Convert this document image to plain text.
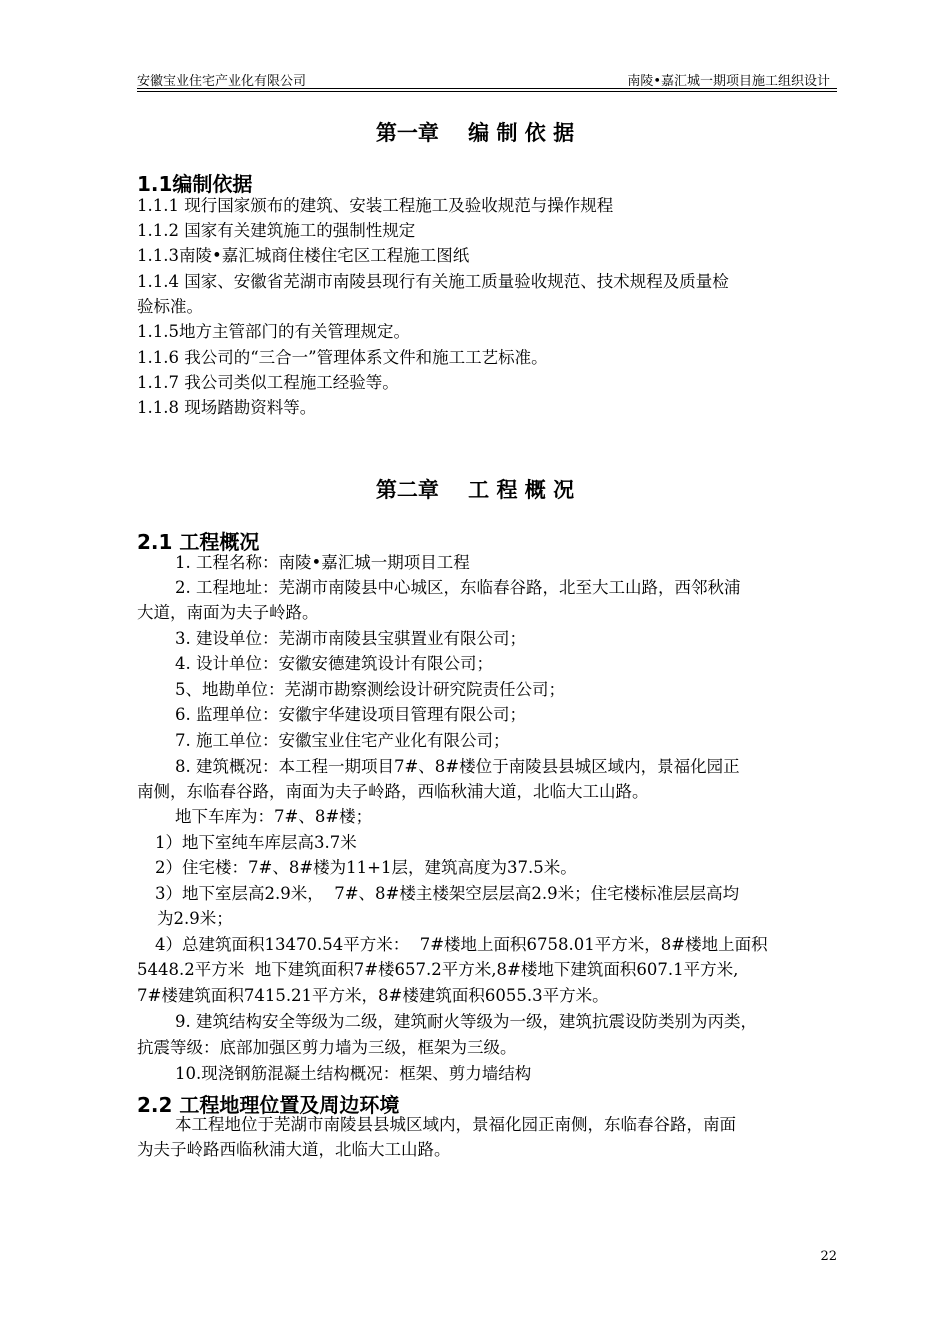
安徽宝业住宅产业化有限公司	南陵•嘉汇城一期项目施工组织设计
第一章    编 制 依 据
1.1编制依据
1.1.1 现行国家颁布的建筑、安装工程施工及验收规范与操作规程
1.1.2 国家有关建筑施工的强制性规定
1.1.3南陵•嘉汇城商住楼住宅区工程施工图纸
1.1.4 国家、安徽省芜湖市南陵县现行有关施工质量验收规范、技术规程及质量检
验标准。
1.1.5地方主管部门的有关管理规定。
1.1.6 我公司的“三合一”管理体系文件和施工工艺标准。
1.1.7 我公司类似工程施工经验等。
1.1.8 现场踏勘资料等。
第二章    工 程 概 况
2.1 工程概况
1. 工程名称：南陵•嘉汇城一期项目工程
2. 工程地址：芜湖市南陵县中心城区，东临春谷路，北至大工山路，西邻秋浦
大道，南面为夫子岭路。
3. 建设单位：芜湖市南陵县宝骐置业有限公司；
4. 设计单位：安徽安德建筑设计有限公司；
5、地勘单位：芜湖市勘察测绘设计研究院责任公司；
6. 监理单位：安徽宇华建设项目管理有限公司；
7. 施工单位：安徽宝业住宅产业化有限公司；
8. 建筑概况：本工程一期项目7#、8#楼位于南陵县县城区域内，景福化园正
南侧，东临春谷路，南面为夫子岭路，西临秋浦大道，北临大工山路。
地下车库为：7#、8#楼；
1）地下室纯车库层高3.7米
2）住宅楼：7#、8#楼为11+1层，建筑高度为37.5米。
3）地下室层高2.9米，  7#、8#楼主楼架空层层高2.9米；住宅楼标准层层高均
为2.9米；
4）总建筑面积13470.54平方米：  7#楼地上面积6758.01平方米，8#楼地上面积
5448.2平方米  地下建筑面积7#楼657.2平方米,8#楼地下建筑面积607.1平方米,
7#楼建筑面积7415.21平方米，8#楼建筑面积6055.3平方米。
9. 建筑结构安全等级为二级，建筑耐火等级为一级，建筑抗震设防类别为丙类，
抗震等级：底部加强区剪力墙为三级，框架为三级。
10.现浇钢筋混凝土结构概况：框架、剪力墙结构
2.2 工程地理位置及周边环境
本工程地位于芜湖市南陵县县城区域内，景福化园正南侧，东临春谷路，南面
为夫子岭路西临秋浦大道，北临大工山路。
22
